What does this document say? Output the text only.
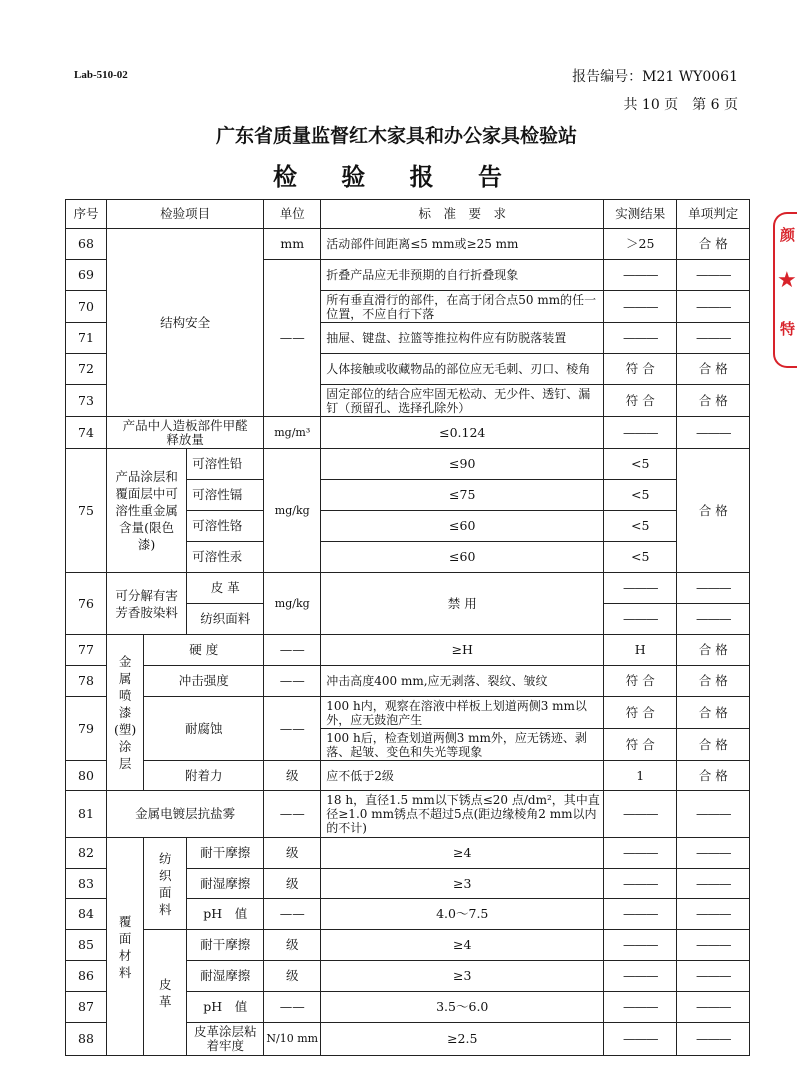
Lab-510-02	报告编号：M21 WY0061
共 10 页　第 6 页
广东省质量监督红木家具和办公家具检验站
检 验 报 告
颜
★
特
序号	检验项目			单位	标　准　要　求	实测结果	单项判定
68	结构安全			mm	活动部件间距离≤5 mm或≥25 mm	＞25	合 格
69				——	折叠产品应无非预期的自行折叠现象	———	———
70					所有垂直滑行的部件，在高于闭合点50 mm的任一位置，不应自行下落	———	———
71					抽屉、键盘、拉篮等推拉构件应有防脱落装置	———	———
72					人体接触或收藏物品的部位应无毛刺、刃口、棱角	符 合	合 格
73					固定部位的结合应牢固无松动、无少件、透钉、漏钉（预留孔、选择孔除外）	符 合	合 格
74	产品中人造板部件甲醛释放量			mg/m³	≤0.124	———	———
75	产品涂层和覆面层中可溶性重金属含量(限色漆)		可溶性铅	mg/kg	≤90	<5	合 格
			可溶性镉		≤75	<5	
			可溶性铬		≤60	<5	
			可溶性汞		≤60	<5	
76	可分解有害芳香胺染料		皮 革	mg/kg	禁 用	———	———
			纺织面料			———	———
77	金属喷漆(塑)涂层	硬 度		——	≥H	H	合 格
78		冲击强度		——	冲击高度400 mm,应无剥落、裂纹、皱纹	符 合	合 格
79		耐腐蚀		——	100 h内，观察在溶液中样板上划道两侧3 mm以外，应无鼓泡产生	符 合	合 格
					100 h后，检查划道两侧3 mm外，应无锈迹、剥落、起皱、变色和失光等现象	符 合	合 格
80		附着力		级	应不低于2级	1	合 格
81	金属电镀层抗盐雾			——	18 h，直径1.5 mm以下锈点≤20 点/dm²，其中直径≥1.0 mm锈点不超过5点(距边缘棱角2 mm以内的不计)	———	———
82	覆面材料	纺织面料	耐干摩擦	级	≥4	———	———
83			耐湿摩擦	级	≥3	———	———
84			pH　值	——	4.0～7.5	———	———
85		皮革	耐干摩擦	级	≥4	———	———
86			耐湿摩擦	级	≥3	———	———
87			pH　值	——	3.5～6.0	———	———
88			皮革涂层粘着牢度	N/10 mm	≥2.5	———	———
